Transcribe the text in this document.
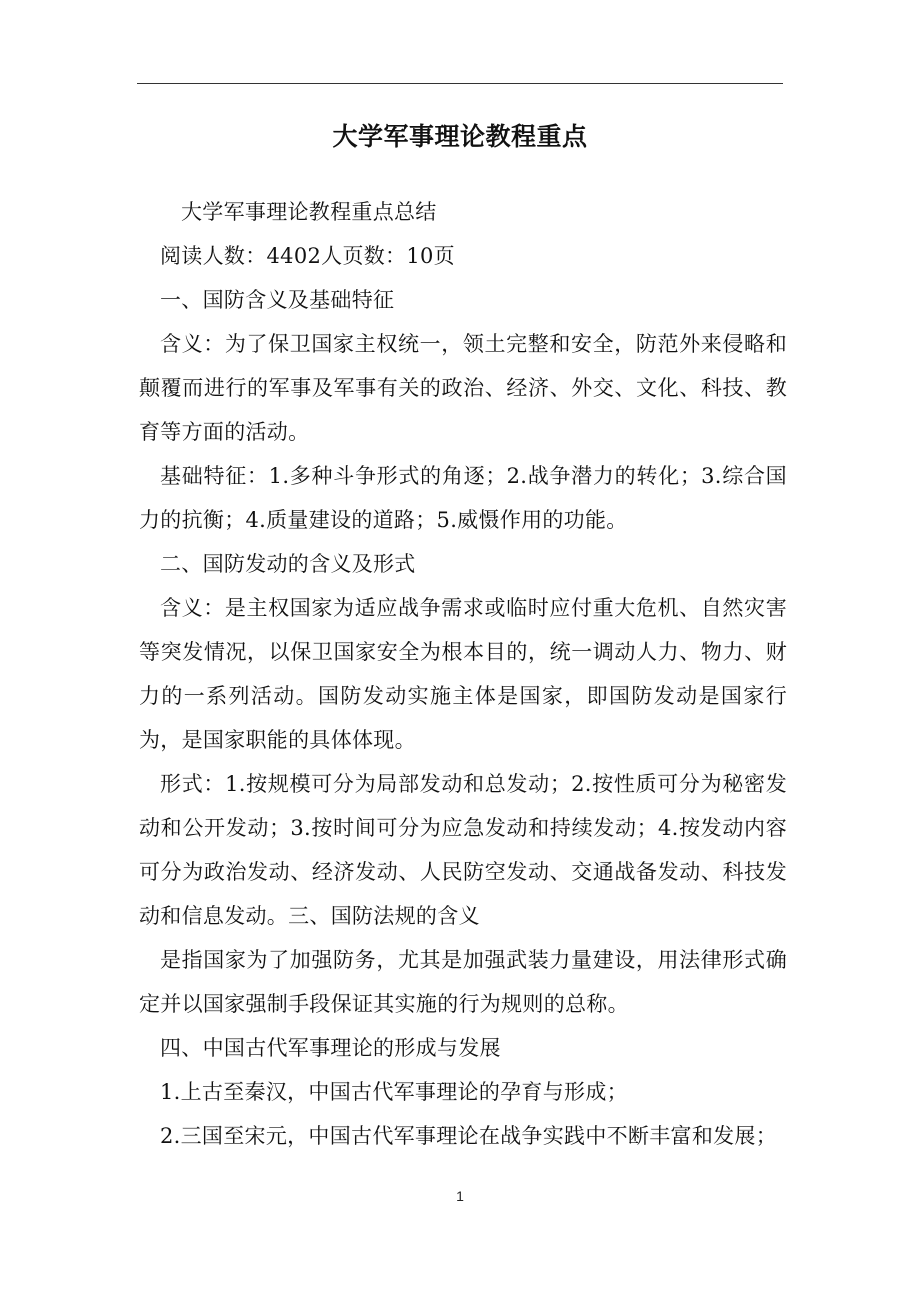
大学军事理论教程重点

大学军事理论教程重点总结

阅读人数：4402人页数：10页

一、国防含义及基础特征

含义：为了保卫国家主权统一，领土完整和安全，防范外来侵略和颠覆而进行的军事及军事有关的政治、经济、外交、文化、科技、教育等方面的活动。

基础特征：1.多种斗争形式的角逐；2.战争潜力的转化；3.综合国力的抗衡；4.质量建设的道路；5.威慑作用的功能。

二、国防发动的含义及形式

含义：是主权国家为适应战争需求或临时应付重大危机、自然灾害等突发情况，以保卫国家安全为根本目的，统一调动人力、物力、财力的一系列活动。国防发动实施主体是国家，即国防发动是国家行为，是国家职能的具体体现。

形式：1.按规模可分为局部发动和总发动；2.按性质可分为秘密发动和公开发动；3.按时间可分为应急发动和持续发动；4.按发动内容可分为政治发动、经济发动、人民防空发动、交通战备发动、科技发动和信息发动。三、国防法规的含义

是指国家为了加强防务，尤其是加强武装力量建设，用法律形式确定并以国家强制手段保证其实施的行为规则的总称。

四、中国古代军事理论的形成与发展

1.上古至秦汉，中国古代军事理论的孕育与形成；

2.三国至宋元，中国古代军事理论在战争实践中不断丰富和发展；

1
